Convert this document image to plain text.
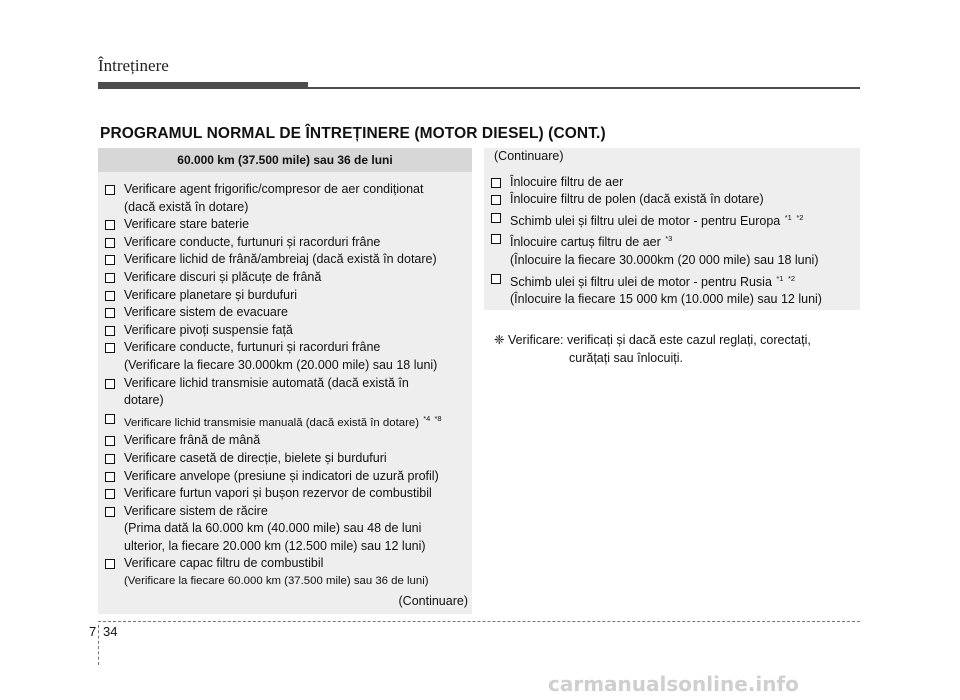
Întreținere
PROGRAMUL NORMAL DE ÎNTREȚINERE (MOTOR DIESEL) (CONT.)
60.000 km (37.500 mile) sau 36 de luni
Verificare agent frigorific/compresor de aer condiționat
(dacă există în dotare)
Verificare stare baterie
Verificare conducte, furtunuri și racorduri frâne
Verificare lichid de frână/ambreiaj (dacă există în dotare)
Verificare discuri și plăcuțe de frână
Verificare planetare și burdufuri
Verificare sistem de evacuare
Verificare pivoți suspensie față
Verificare conducte, furtunuri și racorduri frâne
(Verificare la fiecare 30.000km (20.000 mile) sau 18 luni)
Verificare lichid transmisie automată (dacă există în
dotare)
Verificare lichid transmisie manuală (dacă există în dotare) $^{*4}$ $^{*8}$
Verificare frână de mână
Verificare casetă de direcție, bielete și burdufuri
Verificare anvelope (presiune și indicatori de uzură profil)
Verificare furtun vapori și bușon rezervor de combustibil
Verificare sistem de răcire
(Prima dată la 60.000 km (40.000 mile) sau 48 de luni
ulterior, la fiecare 20.000 km (12.500 mile) sau 12 luni)
Verificare capac filtru de combustibil
(Verificare la fiecare 60.000 km (37.500 mile) sau 36 de luni)
(Continuare)
(Continuare)
Înlocuire filtru de aer
Înlocuire filtru de polen (dacă există în dotare)
Schimb ulei și filtru ulei de motor - pentru Europa $^{*1}$ $^{*2}$
Înlocuire cartuș filtru de aer $^{*3}$
(Înlocuire la fiecare 30.000km (20 000 mile) sau 18 luni)
Schimb ulei și filtru ulei de motor - pentru Rusia $^{*1}$ $^{*2}$
(Înlocuire la fiecare 15 000 km (10.000 mile) sau 12 luni)
❈ Verificare: verificați și dacă este cazul reglați, corectați,
curățați sau înlocuiți.
7 34
carmanualsonline.info
